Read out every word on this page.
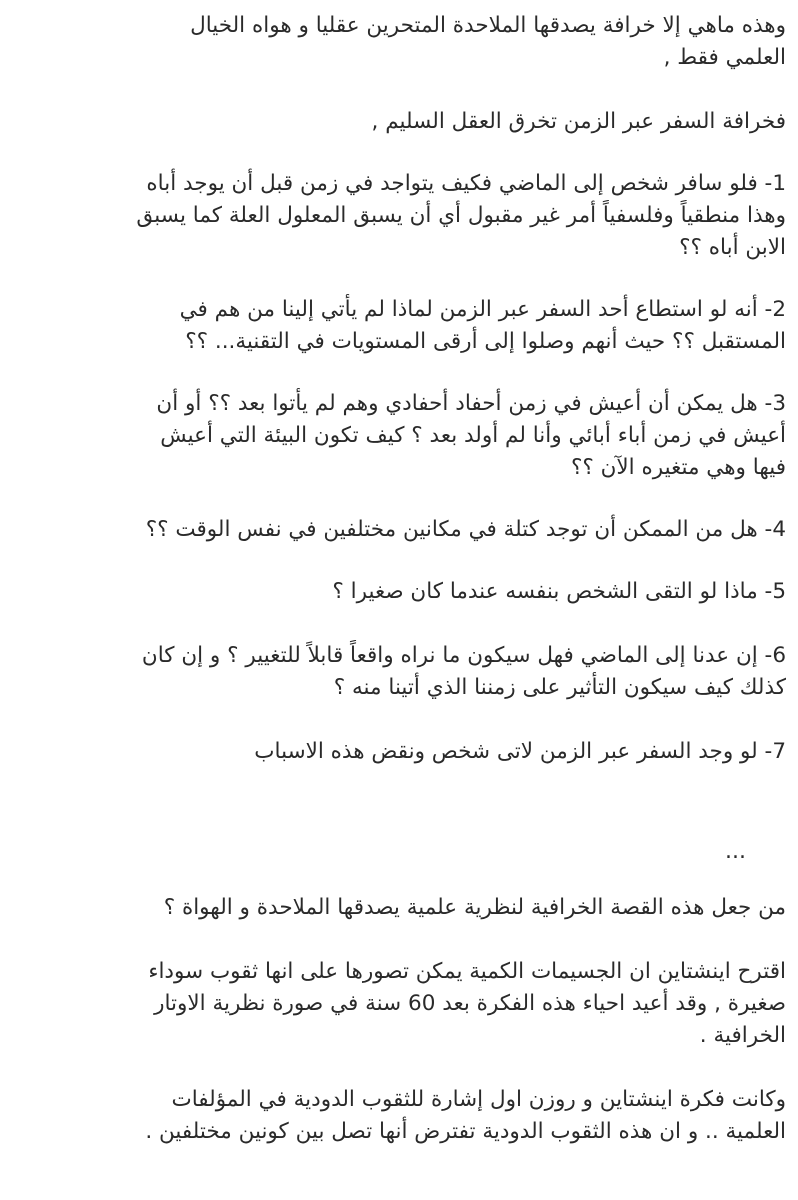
وهذه ماهي إلا خرافة يصدقها الملاحدة المتحرين عقليا و هواه الخيال
العلمي فقط ,
فخرافة السفر عبر الزمن تخرق العقل السليم ,
1- فلو سافر شخص إلى الماضي فكيف يتواجد في زمن قبل أن يوجد أباه
وهذا منطقياً وفلسفياً أمر غير مقبول أي أن يسبق المعلول العلة كما يسبق
الابن أباه ؟؟
2- أنه لو استطاع أحد السفر عبر الزمن لماذا لم يأتي إلينا من هم في
المستقبل ؟؟ حيث أنهم وصلوا إلى أرقى المستويات في التقنية... ؟؟
3- هل يمكن أن أعيش في زمن أحفاد أحفادي وهم لم يأتوا بعد ؟؟ أو أن
أعيش في زمن أباء أبائي وأنا لم أولد بعد ؟ كيف تكون البيئة التي أعيش
فيها وهي متغيره الآن ؟؟
4- هل من الممكن أن توجد كتلة في مكانين مختلفين في نفس الوقت ؟؟
5- ماذا لو التقى الشخص بنفسه عندما كان صغيرا ؟
6- إن عدنا إلى الماضي فهل سيكون ما نراه واقعاً قابلاً للتغيير ؟ و إن كان
كذلك كيف سيكون التأثير على زمننا الذي أتينا منه ؟
7- لو وجد السفر عبر الزمن لاتى شخص ونقض هذه الاسباب
...
من جعل هذه القصة الخرافية لنظرية علمية يصدقها الملاحدة و الهواة ؟
اقترح اينشتاين ان الجسيمات الكمية يمكن تصورها على انها ثقوب سوداء
صغيرة , وقد أعيد احياء هذه الفكرة بعد 60 سنة في صورة نظرية الاوتار
الخرافية .
وكانت فكرة اينشتاين و روزن اول إشارة للثقوب الدودية في المؤلفات
العلمية .. و ان هذه الثقوب الدودية تفترض أنها تصل بين كونين مختلفين .
